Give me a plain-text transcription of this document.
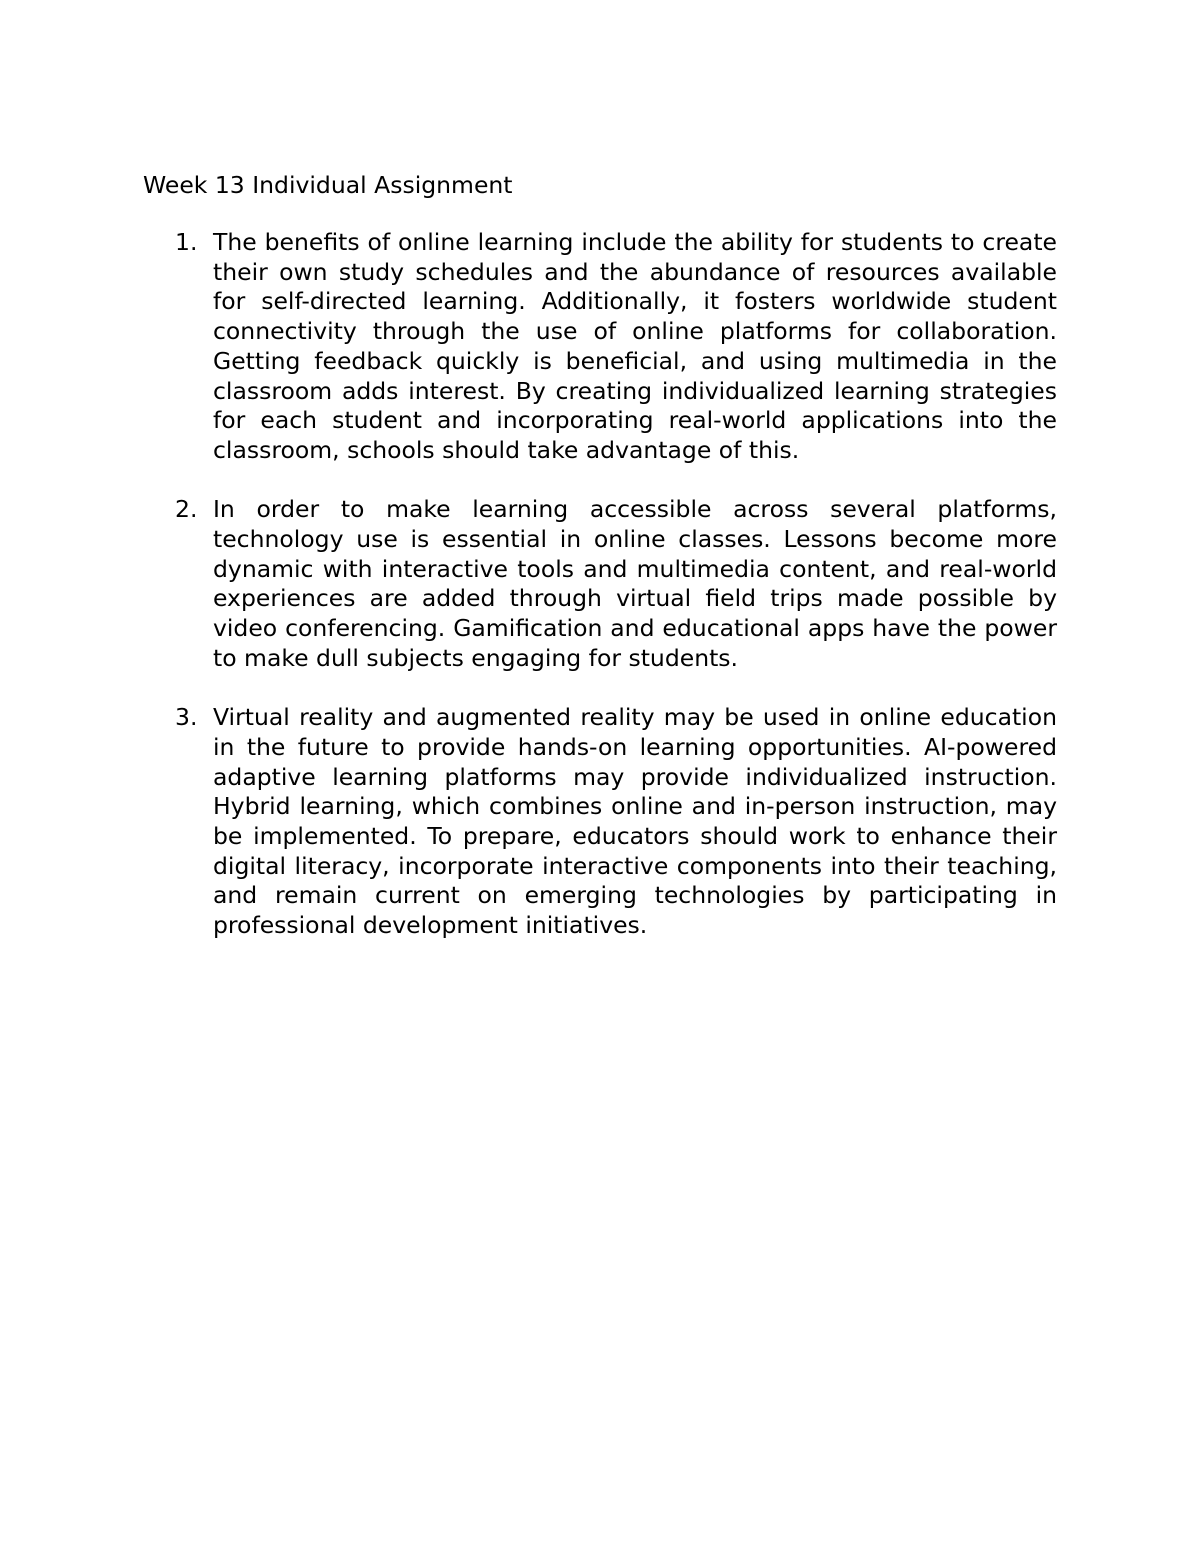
Week 13 Individual Assignment
1. The benefits of online learning include the ability for students to create their own study schedules and the abundance of resources available for self-directed learning. Additionally, it fosters worldwide student connectivity through the use of online platforms for collaboration. Getting feedback quickly is beneficial, and using multimedia in the classroom adds interest. By creating individualized learning strategies for each student and incorporating real-world applications into the classroom, schools should take advantage of this.
2. In order to make learning accessible across several platforms, technology use is essential in online classes. Lessons become more dynamic with interactive tools and multimedia content, and real-world experiences are added through virtual field trips made possible by video conferencing. Gamification and educational apps have the power to make dull subjects engaging for students.
3. Virtual reality and augmented reality may be used in online education in the future to provide hands-on learning opportunities. AI-powered adaptive learning platforms may provide individualized instruction. Hybrid learning, which combines online and in-person instruction, may be implemented. To prepare, educators should work to enhance their digital literacy, incorporate interactive components into their teaching, and remain current on emerging technologies by participating in professional development initiatives.
